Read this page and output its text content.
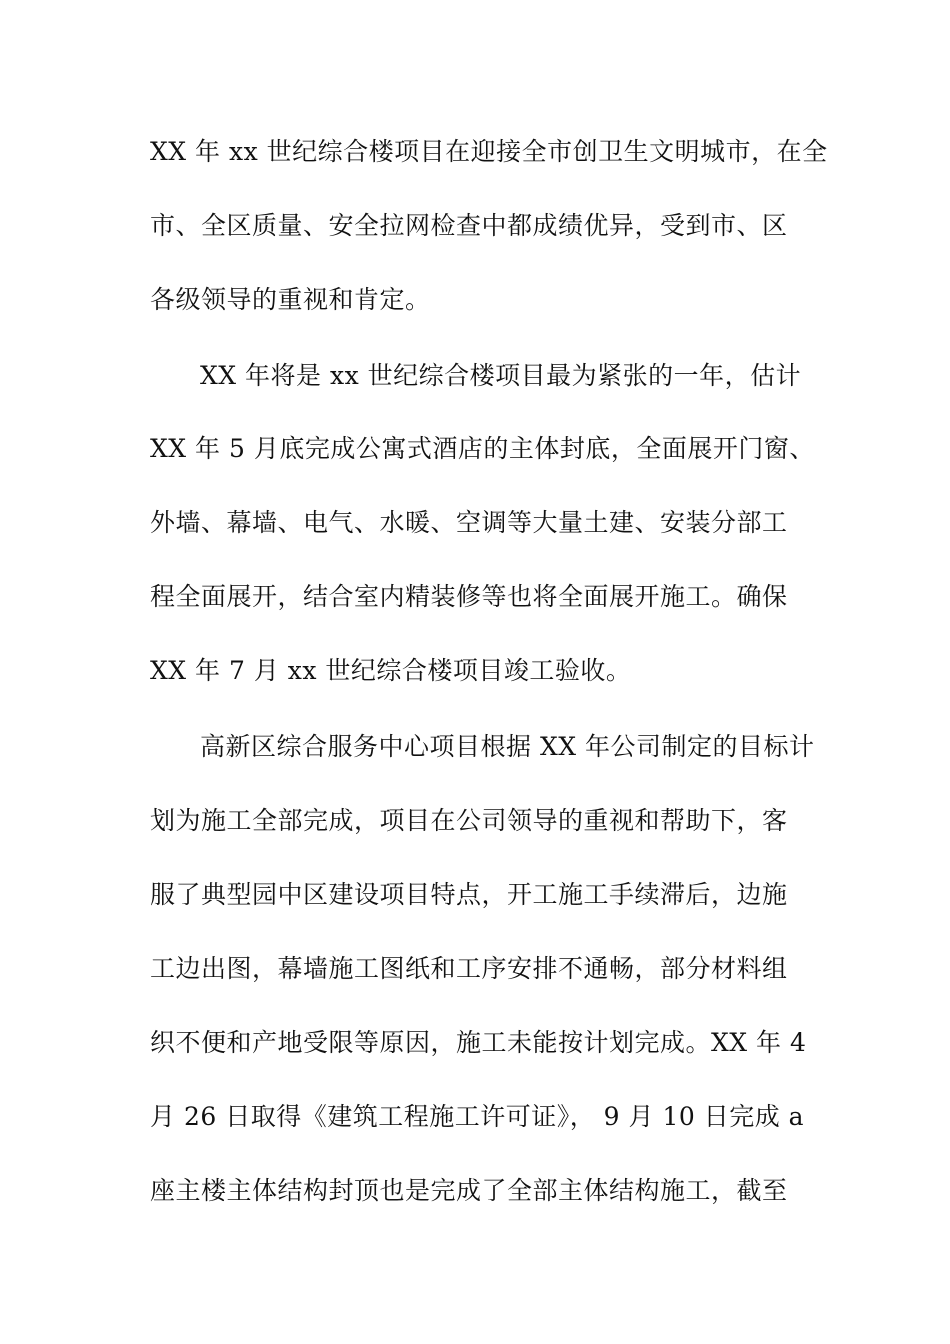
XX 年 xx 世纪综合楼项目在迎接全市创卫生文明城市，在全
市、全区质量、安全拉网检查中都成绩优异，受到市、区
各级领导的重视和肯定。
XX 年将是 xx 世纪综合楼项目最为紧张的一年，估计
XX 年 5 月底完成公寓式酒店的主体封底，全面展开门窗、
外墙、幕墙、电气、水暖、空调等大量土建、安装分部工
程全面展开，结合室内精装修等也将全面展开施工。确保
XX 年 7 月 xx 世纪综合楼项目竣工验收。
高新区综合服务中心项目根据 XX 年公司制定的目标计
划为施工全部完成，项目在公司领导的重视和帮助下，客
服了典型园中区建设项目特点，开工施工手续滞后，边施
工边出图，幕墙施工图纸和工序安排不通畅，部分材料组
织不便和产地受限等原因，施工未能按计划完成。XX 年 4
月 26 日取得《建筑工程施工许可证》， 9 月 10 日完成 a
座主楼主体结构封顶也是完成了全部主体结构施工，截至
